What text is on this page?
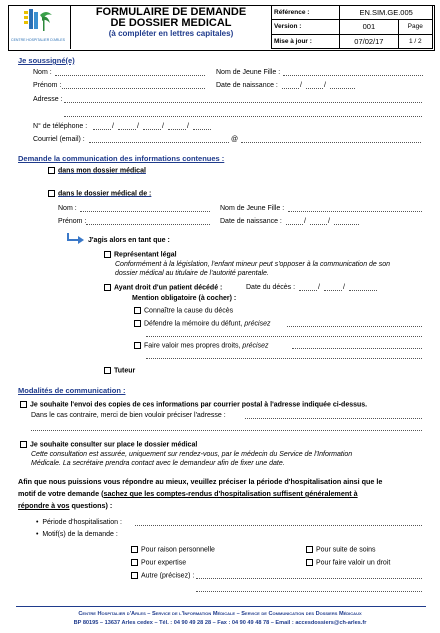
CENTRE HOSPITALIER D'ARLES
FORMULAIRE DE DEMANDE
DE DOSSIER MEDICAL
(à compléter en lettres capitales)
Référence :	EN.SIM.GE.005	
Version :	001	Page
Mise à jour :	07/02/17	1 / 2
Je soussigné(e)
Nom :	Nom de Jeune Fille :
Prénom :	Date de naissance :	/	/
Adresse :
N° de téléphone :	/	/	/	/
Courriel (email) :	@
Demande la communication des informations contenues :
dans mon dossier médical
dans le dossier médical de :
Nom :	Nom de Jeune Fille :
Prénom :	Date de naissance :	/	/
J'agis alors en tant que :
Représentant légal
Conformément à la législation, l'enfant mineur peut s'opposer à la communication de son
dossier médical au titulaire de l'autorité parentale.
Ayant droit d'un patient décédé :	Date du décès :	/	/
Mention obligatoire (à cocher) :
Connaître la cause du décès
Défendre la mémoire du défunt, précisez
Faire valoir mes propres droits, précisez
Tuteur
Modalités de communication :
Je souhaite l'envoi des copies de ces informations par courrier postal à l'adresse indiquée ci-dessus.
Dans le cas contraire, merci de bien vouloir préciser l'adresse :
Je souhaite consulter sur place le dossier médical
Cette consultation est assurée, uniquement sur rendez-vous, par le médecin du Service de l'Information
Médicale. La secrétaire prendra contact avec le demandeur afin de fixer une date.
Afin que nous puissions vous répondre au mieux, veuillez préciser la période d'hospitalisation ainsi que le
motif de votre demande (sachez que les comptes-rendus d'hospitalisation suffisent généralement à
répondre à vos questions) :
•  Période d'hospitalisation :
•  Motif(s) de la demande :
Pour raison personnelle	Pour suite de soins
Pour expertise	Pour faire valoir un droit
Autre (précisez) :
Centre Hospitalier d'Arles – Service de l'Information Médicale – Service de Communication des Dossiers Médicaux
BP 80195 – 13637 Arles cedex – Tél. : 04 90 49 28 28 – Fax : 04 90 49 48 78 – Email : accesdossiers@ch-arles.fr
